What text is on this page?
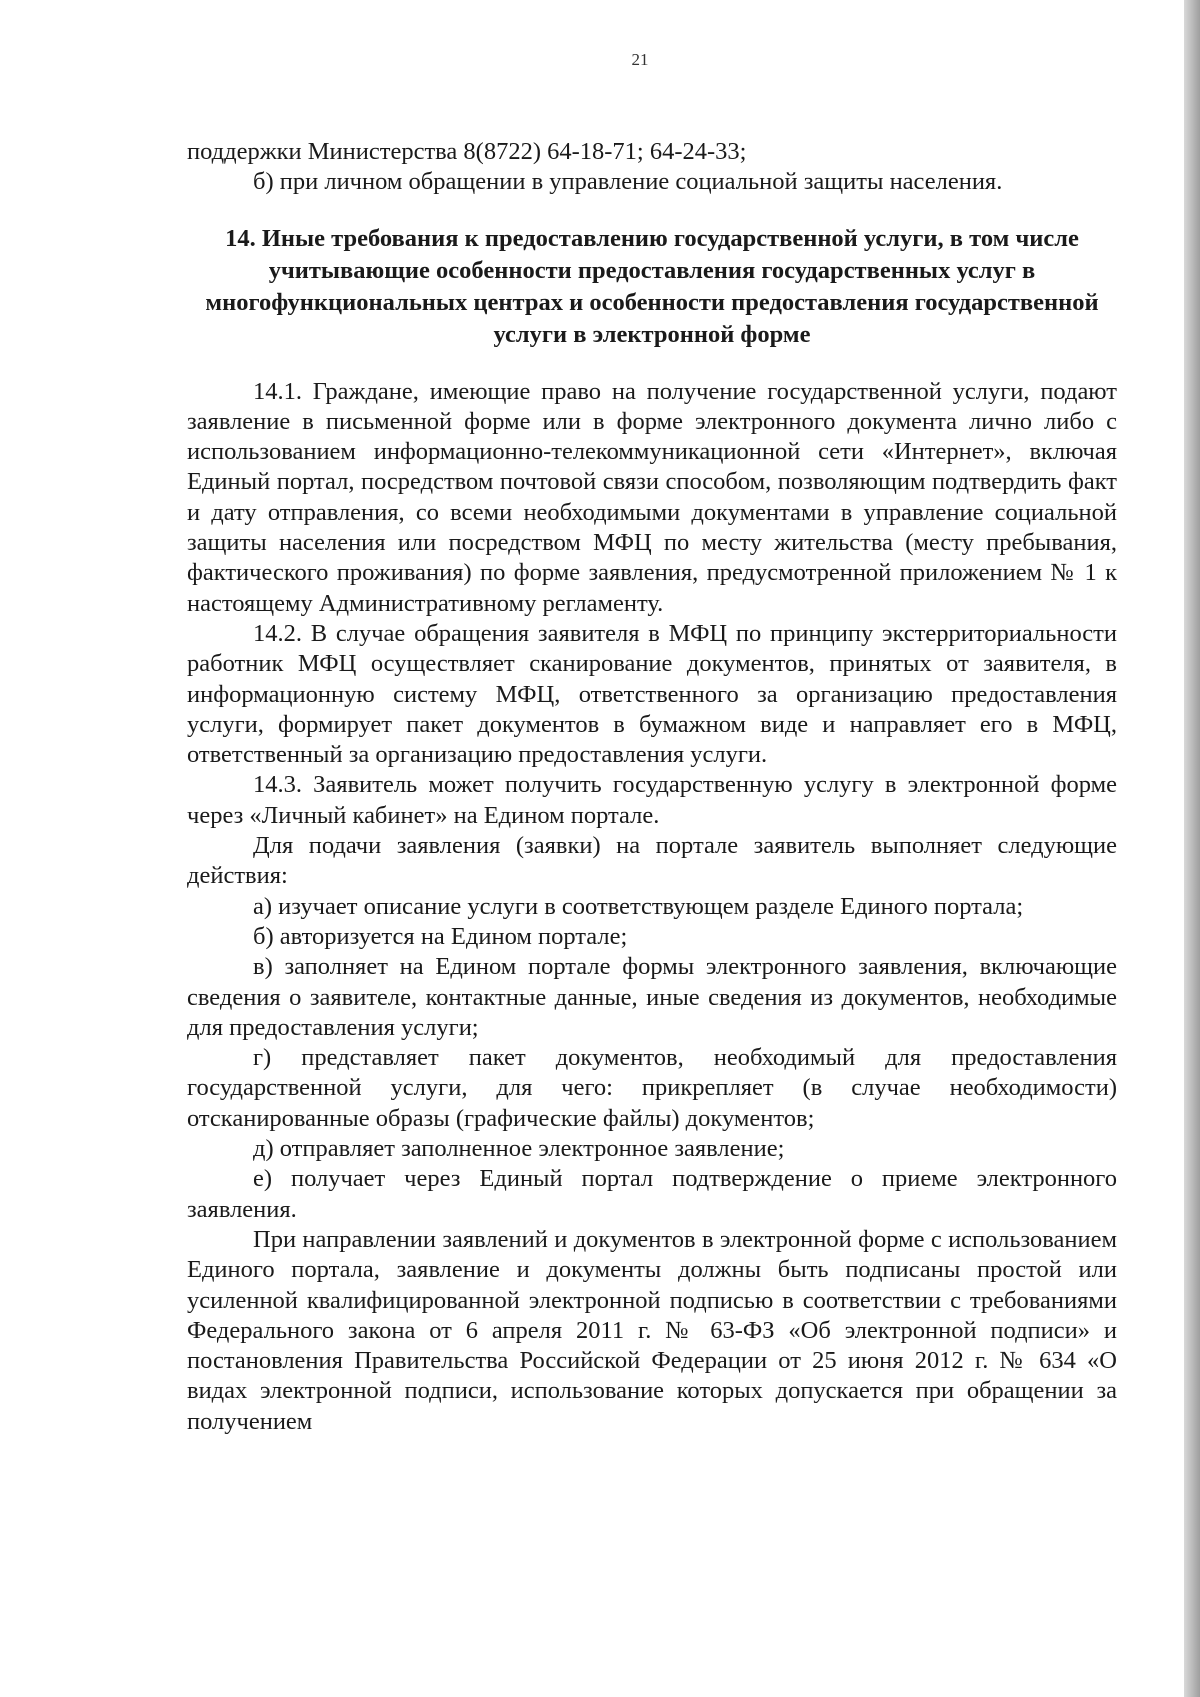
21

поддержки Министерства 8(8722) 64-18-71; 64-24-33;

б) при личном обращении в управление социальной защиты населения.

14. Иные требования к предоставлению государственной услуги, в том числе учитывающие особенности предоставления государственных услуг в многофункциональных центрах и особенности предоставления государственной услуги в электронной форме

14.1. Граждане, имеющие право на получение государственной услуги, подают заявление в письменной форме или в форме электронного документа лично либо с использованием информационно-телекоммуникационной сети «Интернет», включая Единый портал, посредством почтовой связи способом, позволяющим подтвердить факт и дату отправления, со всеми необходимыми документами в управление социальной защиты населения или посредством МФЦ по месту жительства (месту пребывания, фактического проживания) по форме заявления, предусмотренной приложением № 1 к настоящему Административному регламенту.

14.2. В случае обращения заявителя в МФЦ по принципу экстерриториальности работник МФЦ осуществляет сканирование документов, принятых от заявителя, в информационную систему МФЦ, ответственного за организацию предоставления услуги, формирует пакет документов в бумажном виде и направляет его в МФЦ, ответственный за организацию предоставления услуги.

14.3. Заявитель может получить государственную услугу в электронной форме через «Личный кабинет» на Едином портале.

Для подачи заявления (заявки) на портале заявитель выполняет следующие действия:

а) изучает описание услуги в соответствующем разделе Единого портала;

б) авторизуется на Едином портале;

в) заполняет на Едином портале формы электронного заявления, включающие сведения о заявителе, контактные данные, иные сведения из документов, необходимые для предоставления услуги;

г) представляет пакет документов, необходимый для предоставления государственной услуги, для чего: прикрепляет (в случае необходимости) отсканированные образы (графические файлы) документов;

д) отправляет заполненное электронное заявление;

е) получает через Единый портал подтверждение о приеме электронного заявления.

При направлении заявлений и документов в электронной форме с использованием Единого портала, заявление и документы должны быть подписаны простой или усиленной квалифицированной электронной подписью в соответствии с требованиями Федерального закона от 6 апреля 2011 г. № 63-ФЗ «Об электронной подписи» и постановления Правительства Российской Федерации от 25 июня 2012 г. № 634 «О видах электронной подписи, использование которых допускается при обращении за получением
